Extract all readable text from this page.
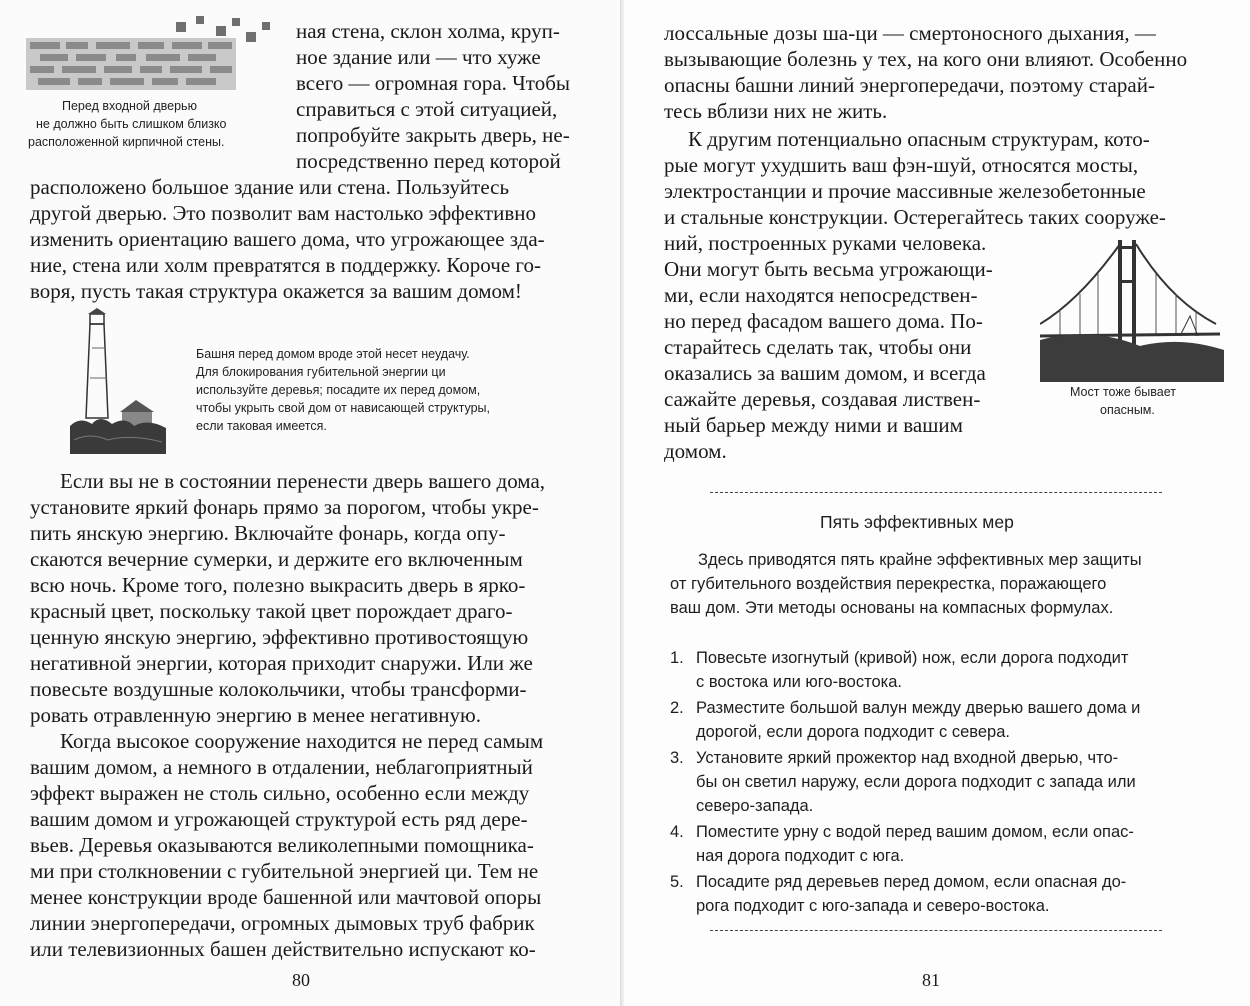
Перед входной дверью
не должно быть слишком близко
расположенной кирпичной стены.
ная стена, склон холма, круп-
ное здание или — что хуже
всего — огромная гора. Чтобы
справиться с этой ситуацией,
попробуйте закрыть дверь, не-
посредственно перед которой
расположено большое здание или стена. Пользуйтесь
другой дверью. Это позволит вам настолько эффективно
изменить ориентацию вашего дома, что угрожающее зда-
ние, стена или холм превратятся в поддержку. Короче го-
воря, пусть такая структура окажется за вашим домом!
Башня перед домом вроде этой несет неудачу.
Для блокирования губительной энергии ци
используйте деревья; посадите их перед домом,
чтобы укрыть свой дом от нависающей структуры,
если таковая имеется.
Если вы не в состоянии перенести дверь вашего дома,
установите яркий фонарь прямо за порогом, чтобы укре-
пить янскую энергию. Включайте фонарь, когда опу-
скаются вечерние сумерки, и держите его включенным
всю ночь. Кроме того, полезно выкрасить дверь в ярко-
красный цвет, поскольку такой цвет порождает драго-
ценную янскую энергию, эффективно противостоящую
негативной энергии, которая приходит снаружи. Или же
повесьте воздушные колокольчики, чтобы трансформи-
ровать отравленную энергию в менее негативную.
Когда высокое сооружение находится не перед самым
вашим домом, а немного в отдалении, неблагоприятный
эффект выражен не столь сильно, особенно если между
вашим домом и угрожающей структурой есть ряд дере-
вьев. Деревья оказываются великолепными помощника-
ми при столкновении с губительной энергией ци. Тем не
менее конструкции вроде башенной или мачтовой опоры
линии энергопередачи, огромных дымовых труб фабрик
или телевизионных башен действительно испускают ко-
80
лоссальные дозы ша-ци — смертоносного дыхания, —
вызывающие болезнь у тех, на кого они влияют. Особенно
опасны башни линий энергопередачи, поэтому старай-
тесь вблизи них не жить.
К другим потенциально опасным структурам, кото-
рые могут ухудшить ваш фэн-шуй, относятся мосты,
электростанции и прочие массивные железобетонные
и стальные конструкции. Остерегайтесь таких сооруже-
ний, построенных руками человека.
Они могут быть весьма угрожающи-
ми, если находятся непосредствен-
но перед фасадом вашего дома. По-
старайтесь сделать так, чтобы они
оказались за вашим домом, и всегда
сажайте деревья, создавая листвен-
ный барьер между ними и вашим
домом.
Мост тоже бывает
опасным.
Пять эффективных мер
Здесь приводятся пять крайне эффективных мер защиты
от губительного воздействия перекрестка, поражающего
ваш дом. Эти методы основаны на компасных формулах.
1. Повесьте изогнутый (кривой) нож, если дорога подходит
с востока или юго-востока.
2. Разместите большой валун между дверью вашего дома и
дорогой, если дорога подходит с севера.
3. Установите яркий прожектор над входной дверью, что-
бы он светил наружу, если дорога подходит с запада или
северо-запада.
4. Поместите урну с водой перед вашим домом, если опас-
ная дорога подходит с юга.
5. Посадите ряд деревьев перед домом, если опасная до-
рога подходит с юго-запада и северо-востока.
81
